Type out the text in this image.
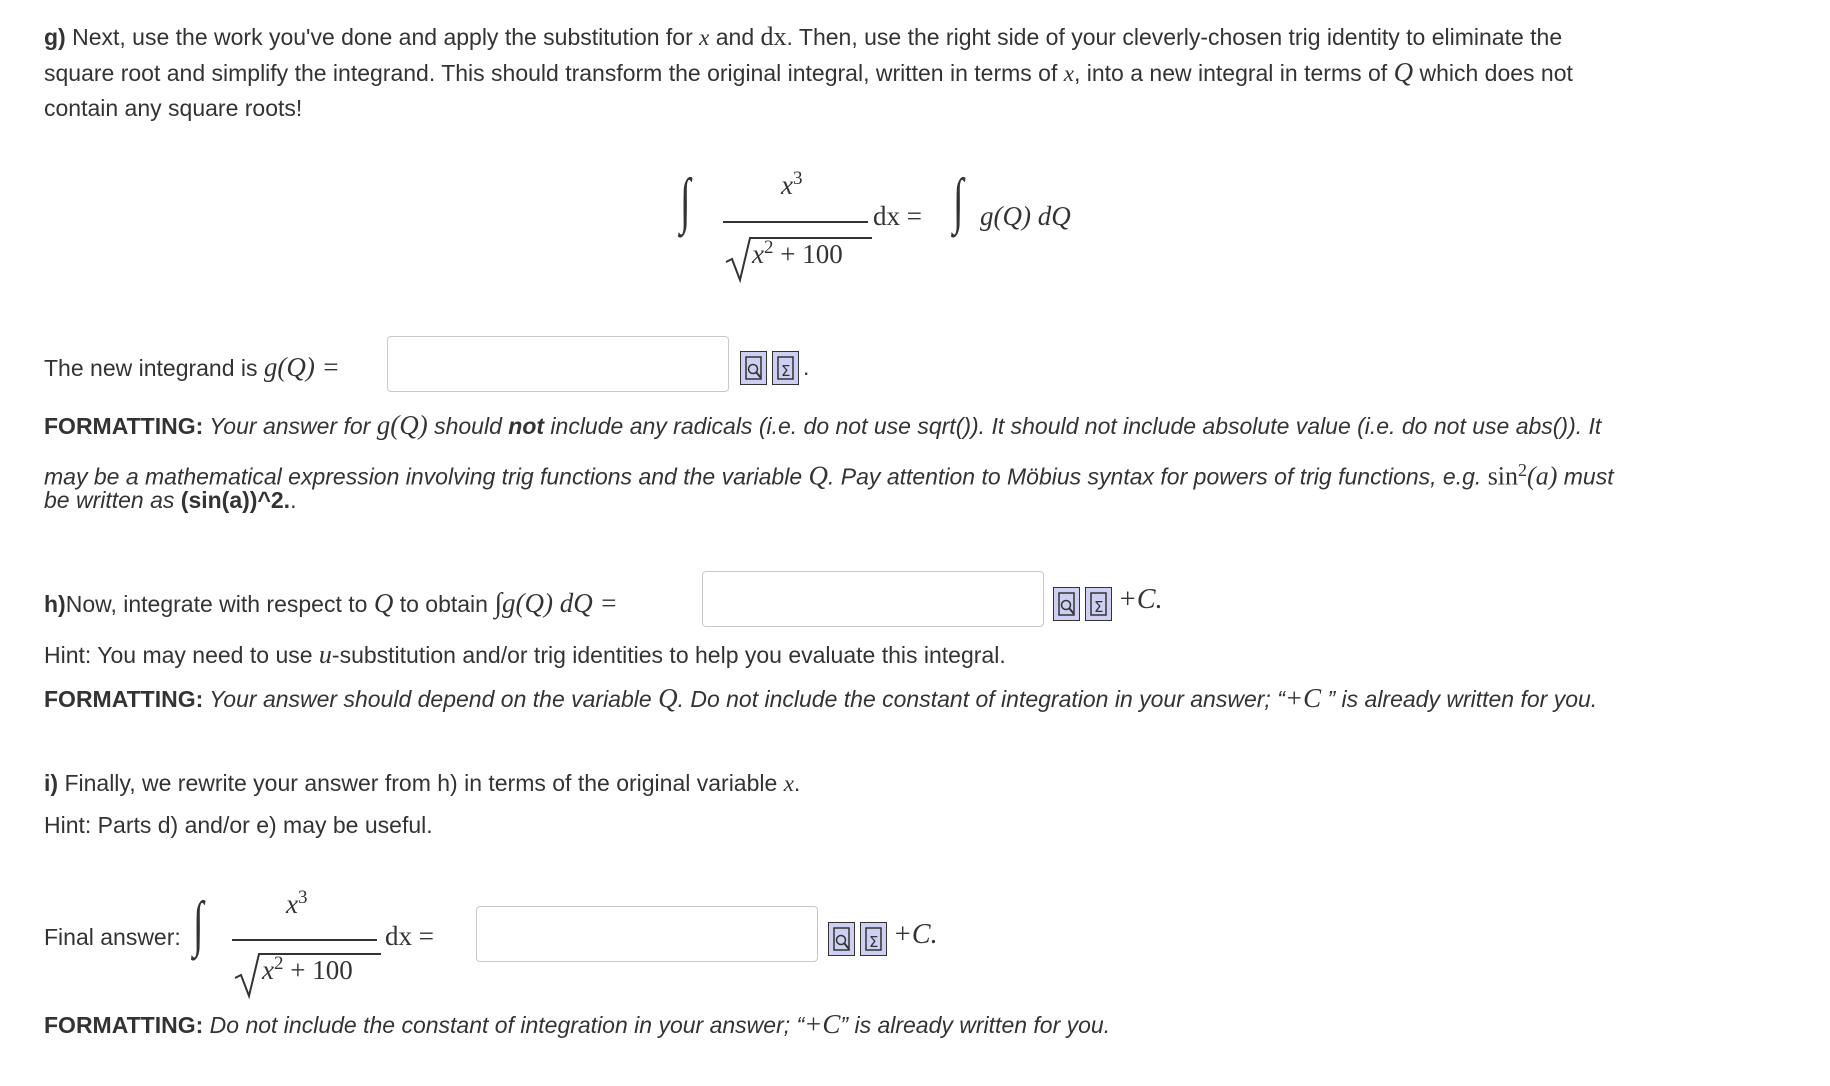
g) Next, use the work you've done and apply the substitution for x and dx. Then, use the right side of your cleverly-chosen trig identity to eliminate the
square root and simplify the integrand. This should transform the original integral, written in terms of x, into a new integral in terms of Q which does not
contain any square roots!
∫	$x^3$
$x^2 + 100$
dx = ∫ g(Q) dQ
The new integrand is g(Q) =	Σ .
FORMATTING: Your answer for g(Q) should not include any radicals (i.e. do not use sqrt()). It should not include absolute value (i.e. do not use abs()). It
may be a mathematical expression involving trig functions and the variable Q. Pay attention to Möbius syntax for powers of trig functions, e.g. $\sin^2(a)$ must
be written as (sin(a))^2..
h)Now, integrate with respect to Q to obtain ∫g(Q) dQ =	Σ +C.
Hint: You may need to use u-substitution and/or trig identities to help you evaluate this integral.
FORMATTING: Your answer should depend on the variable Q. Do not include the constant of integration in your answer; “+C ” is already written for you.
i) Finally, we rewrite your answer from h) in terms of the original variable x.
Hint: Parts d) and/or e) may be useful.
Final answer: ∫	$x^3$
$x^2 + 100$
dx =	Σ +C.
FORMATTING: Do not include the constant of integration in your answer; “+C” is already written for you.
